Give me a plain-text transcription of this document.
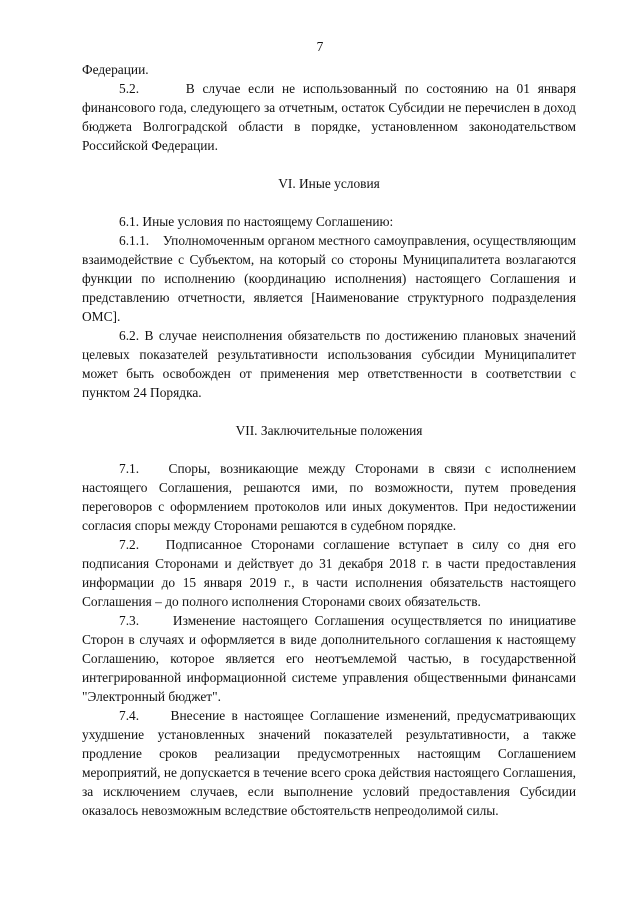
7

Федерации.

5.2.      В случае если не использованный по состоянию на 01 января финансового года, следующего за отчетным, остаток Субсидии не перечислен в доход бюджета Волгоградской области в порядке, установленном законодательством Российской Федерации.

VI. Иные условия

6.1. Иные условия по настоящему Соглашению:

6.1.1.    Уполномоченным органом местного самоуправления, осуществляющим взаимодействие с Субъектом, на который со стороны Муниципалитета возлагаются функции по исполнению (координацию исполнения) настоящего Соглашения и представлению отчетности, является [Наименование структурного подразделения ОМС].

6.2. В случае неисполнения обязательств по достижению плановых значений целевых показателей результативности использования субсидии Муниципалитет может быть освобожден от применения мер ответственности в соответствии с пунктом 24 Порядка.

VII. Заключительные положения

7.1.   Споры, возникающие между Сторонами в связи с исполнением настоящего Соглашения, решаются ими, по возможности, путем проведения переговоров с оформлением протоколов или иных документов. При недостижении согласия споры между Сторонами решаются в судебном порядке.

7.2.   Подписанное Сторонами соглашение вступает в силу со дня его подписания Сторонами и действует до 31 декабря 2018 г. в части предоставления информации до 15 января 2019 г., в части исполнения обязательств настоящего Соглашения – до полного исполнения Сторонами своих обязательств.

7.3.     Изменение настоящего Соглашения осуществляется по инициативе Сторон в случаях и оформляется в виде дополнительного соглашения к настоящему Соглашению, которое является его неотъемлемой частью, в государственной интегрированной информационной системе управления общественными финансами "Электронный бюджет".

7.4.     Внесение в настоящее Соглашение изменений, предусматривающих ухудшение установленных значений показателей результативности, а также продление сроков реализации предусмотренных настоящим Соглашением мероприятий, не допускается в течение всего срока действия настоящего Соглашения, за исключением случаев, если выполнение условий предоставления Субсидии оказалось невозможным вследствие обстоятельств непреодолимой силы.
